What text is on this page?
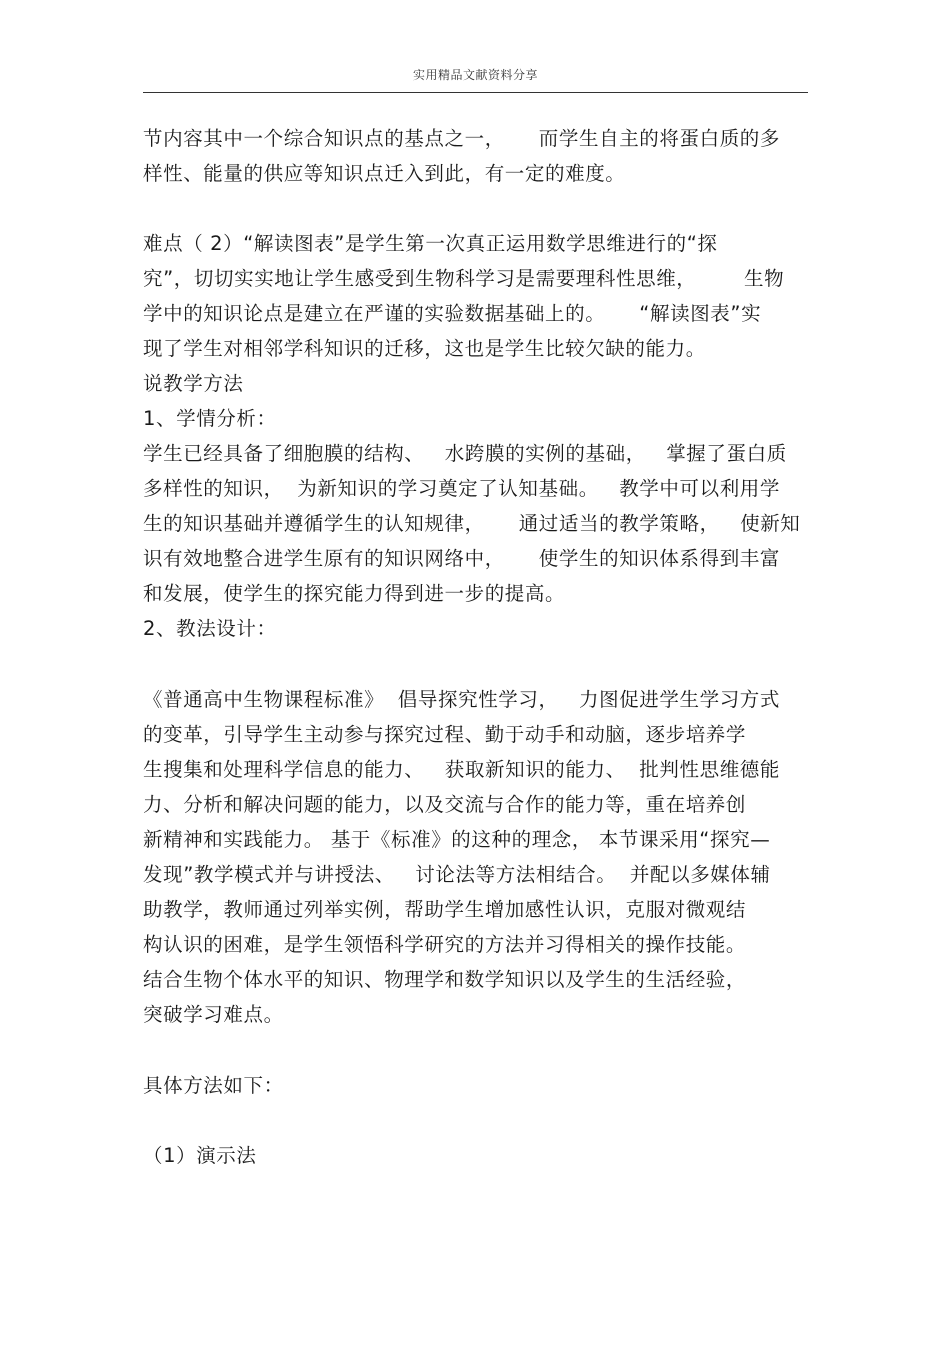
实用精品文献资料分享
节内容其中一个综合知识点的基点之一，     而学生自主的将蛋白质的多
样性、能量的供应等知识点迁入到此，有一定的难度。
难点（ 2）“解读图表”是学生第一次真正运用数学思维进行的“探
究”，切切实实地让学生感受到生物科学习是需要理科性思维，       生物
学中的知识论点是建立在严谨的实验数据基础上的。     “解读图表”实
现了学生对相邻学科知识的迁移，这也是学生比较欠缺的能力。
说教学方法
1、学情分析：
学生已经具备了细胞膜的结构、   水跨膜的实例的基础，   掌握了蛋白质
多样性的知识，  为新知识的学习奠定了认知基础。   教学中可以利用学
生的知识基础并遵循学生的认知规律，     通过适当的教学策略，   使新知
识有效地整合进学生原有的知识网络中，     使学生的知识体系得到丰富
和发展，使学生的探究能力得到进一步的提高。
2、教法设计：
《普通高中生物课程标准》  倡导探究性学习，   力图促进学生学习方式
的变革，引导学生主动参与探究过程、勤于动手和动脑，逐步培养学
生搜集和处理科学信息的能力、   获取新知识的能力、  批判性思维德能
力、分析和解决问题的能力，以及交流与合作的能力等，重在培养创
新精神和实践能力。 基于《标准》的这种的理念， 本节课采用“探究—
发现”教学模式并与讲授法、   讨论法等方法相结合。  并配以多媒体辅
助教学，教师通过列举实例，帮助学生增加感性认识，克服对微观结
构认识的困难，是学生领悟科学研究的方法并习得相关的操作技能。
结合生物个体水平的知识、物理学和数学知识以及学生的生活经验，
突破学习难点。
具体方法如下：
（1）演示法
